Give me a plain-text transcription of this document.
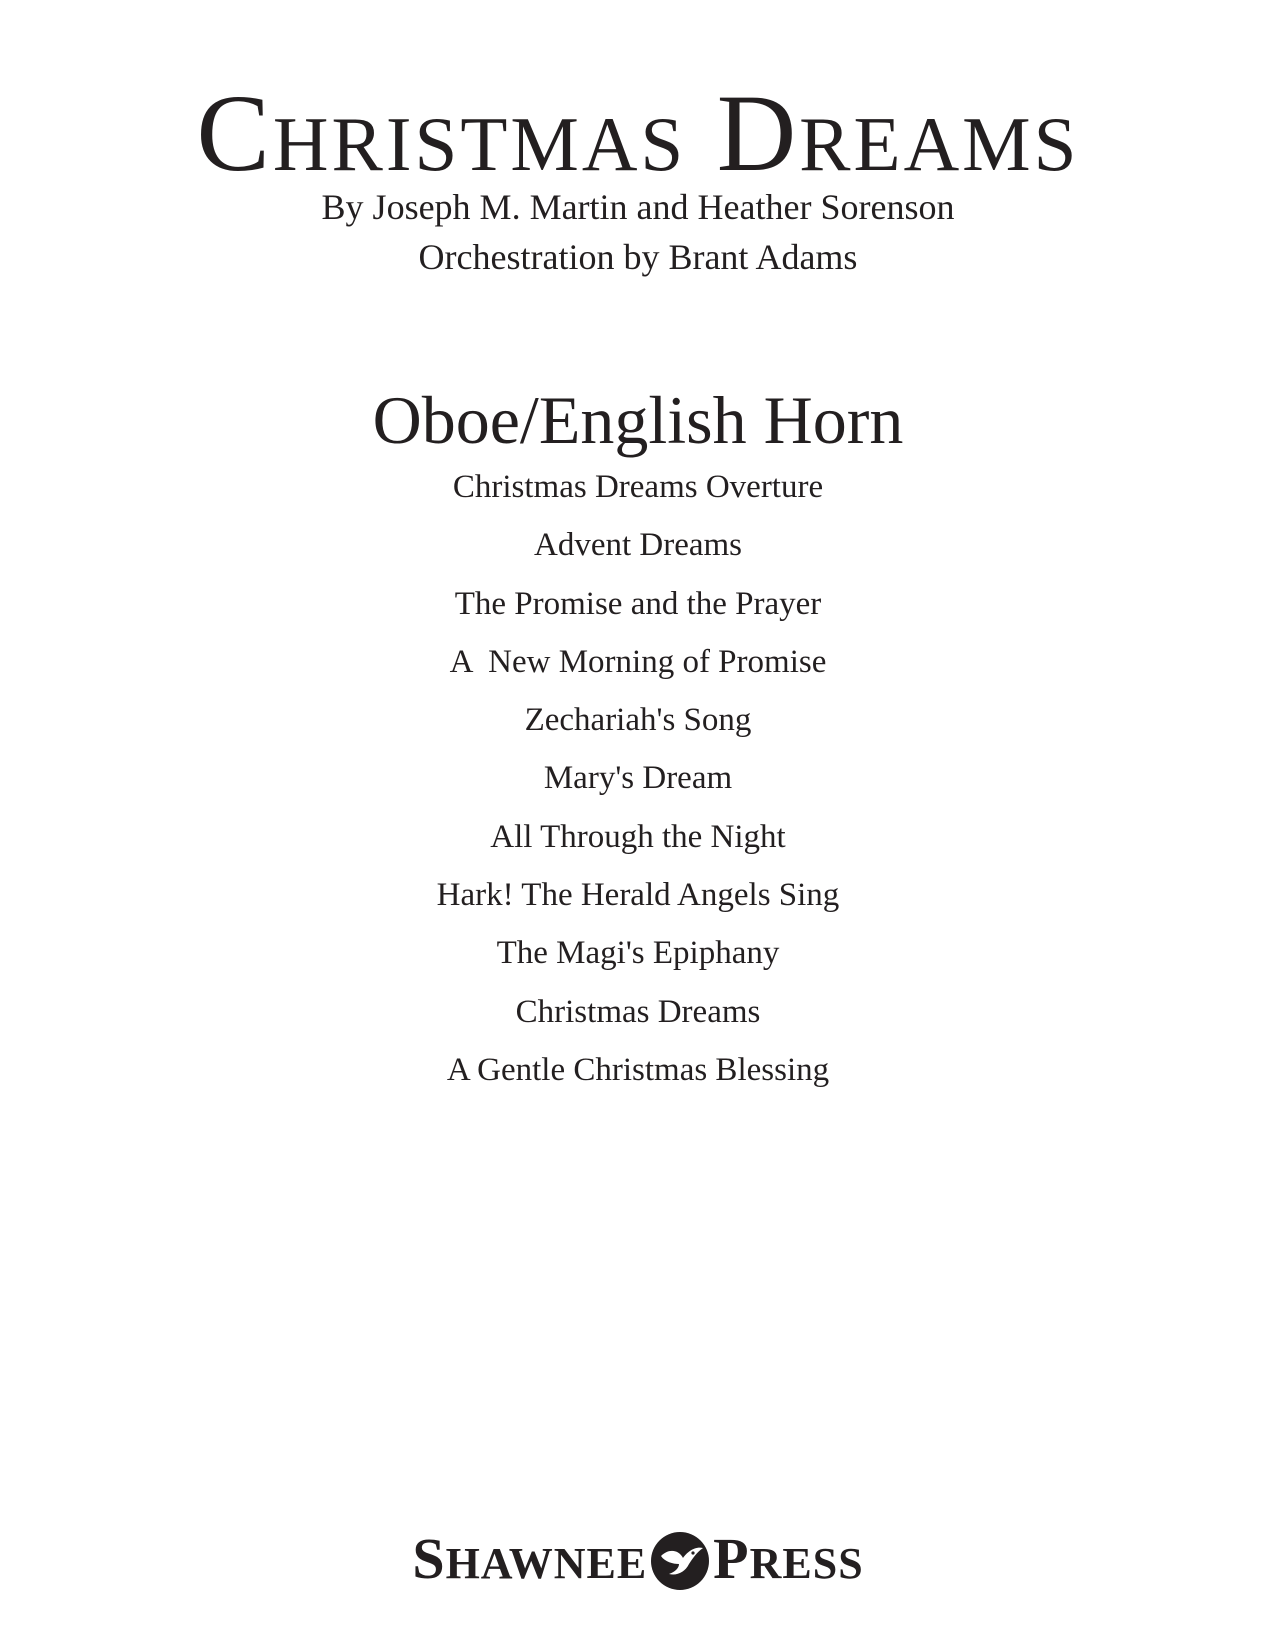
Christmas Dreams

By Joseph M. Martin and Heather Sorenson

Orchestration by Brant Adams

Oboe/English Horn
Christmas Dreams Overture
Advent Dreams
The Promise and the Prayer
A  New Morning of Promise
Zechariah's Song
Mary's Dream
All Through the Night
Hark! The Herald Angels Sing
The Magi's Epiphany
Christmas Dreams
A Gentle Christmas Blessing
SHAWNEE PRESS
